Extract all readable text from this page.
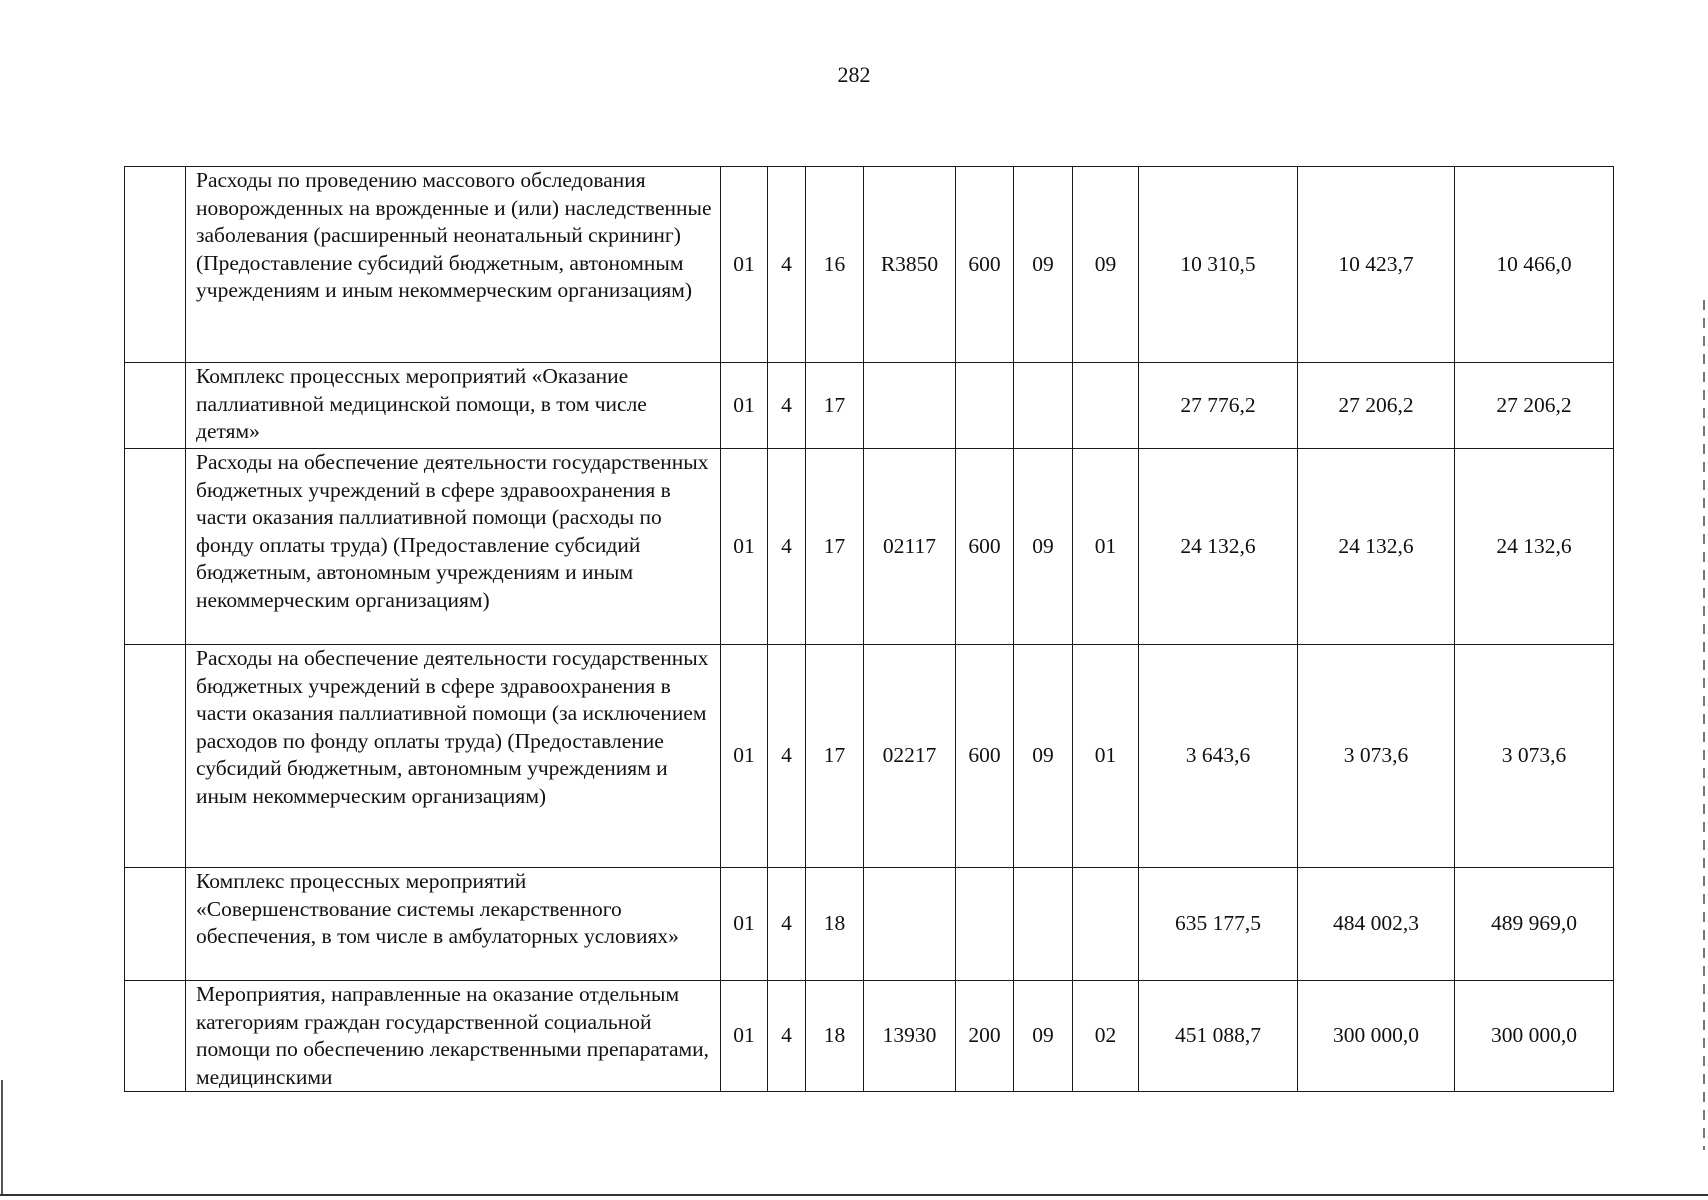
282
	Расходы по проведению массового обследования новорожденных на врожденные и (или) наследственные заболевания (расширенный неонатальный скрининг) (Предоставление субсидий бюджетным, автономным учреждениям и иным некоммерческим организациям)	01	4	16	R3850	600	09	09	10 310,5	10 423,7	10 466,0
	Комплекс процессных мероприятий «Оказание паллиативной медицинской помощи, в том числе детям»	01	4	17					27 776,2	27 206,2	27 206,2
	Расходы на обеспечение деятельности государственных бюджетных учреждений в сфере здравоохранения в части оказания паллиативной помощи (расходы по фонду оплаты труда) (Предоставление субсидий бюджетным, автономным учреждениям и иным некоммерческим организациям)	01	4	17	02117	600	09	01	24 132,6	24 132,6	24 132,6
	Расходы на обеспечение деятельности государственных бюджетных учреждений в сфере здравоохранения в части оказания паллиативной помощи (за исключением расходов по фонду оплаты труда) (Предоставление субсидий бюджетным, автономным учреждениям и иным некоммерческим организациям)	01	4	17	02217	600	09	01	3 643,6	3 073,6	3 073,6
	Комплекс процессных мероприятий «Совершенствование системы лекарственного обеспечения, в том числе в амбулаторных условиях»	01	4	18					635 177,5	484 002,3	489 969,0
	Мероприятия, направленные на оказание отдельным категориям граждан государственной социальной помощи по обеспечению лекарственными препаратами, медицинскими	01	4	18	13930	200	09	02	451 088,7	300 000,0	300 000,0
